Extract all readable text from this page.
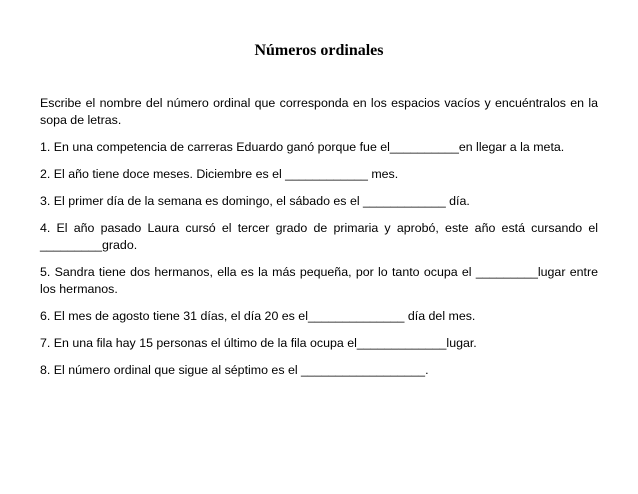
Números ordinales

Escribe el nombre del número ordinal que corresponda en los espacios vacíos y encuéntralos en la sopa de letras.

1. En una competencia de carreras Eduardo ganó porque fue el__________en llegar a la meta.

2. El año tiene doce meses. Diciembre es el ____________ mes.

3. El primer día de la semana es domingo, el sábado es el ____________ día.

4. El año pasado Laura cursó el tercer grado de primaria y aprobó, este año está cursando el _________grado.

5. Sandra tiene dos hermanos, ella es la más pequeña, por lo tanto ocupa el _________lugar entre los hermanos.

6. El mes de agosto tiene 31 días, el día 20 es el______________ día del mes.

7. En una fila hay 15 personas el último de la fila ocupa el_____________lugar.

8. El número ordinal que sigue al séptimo es el __________________.
